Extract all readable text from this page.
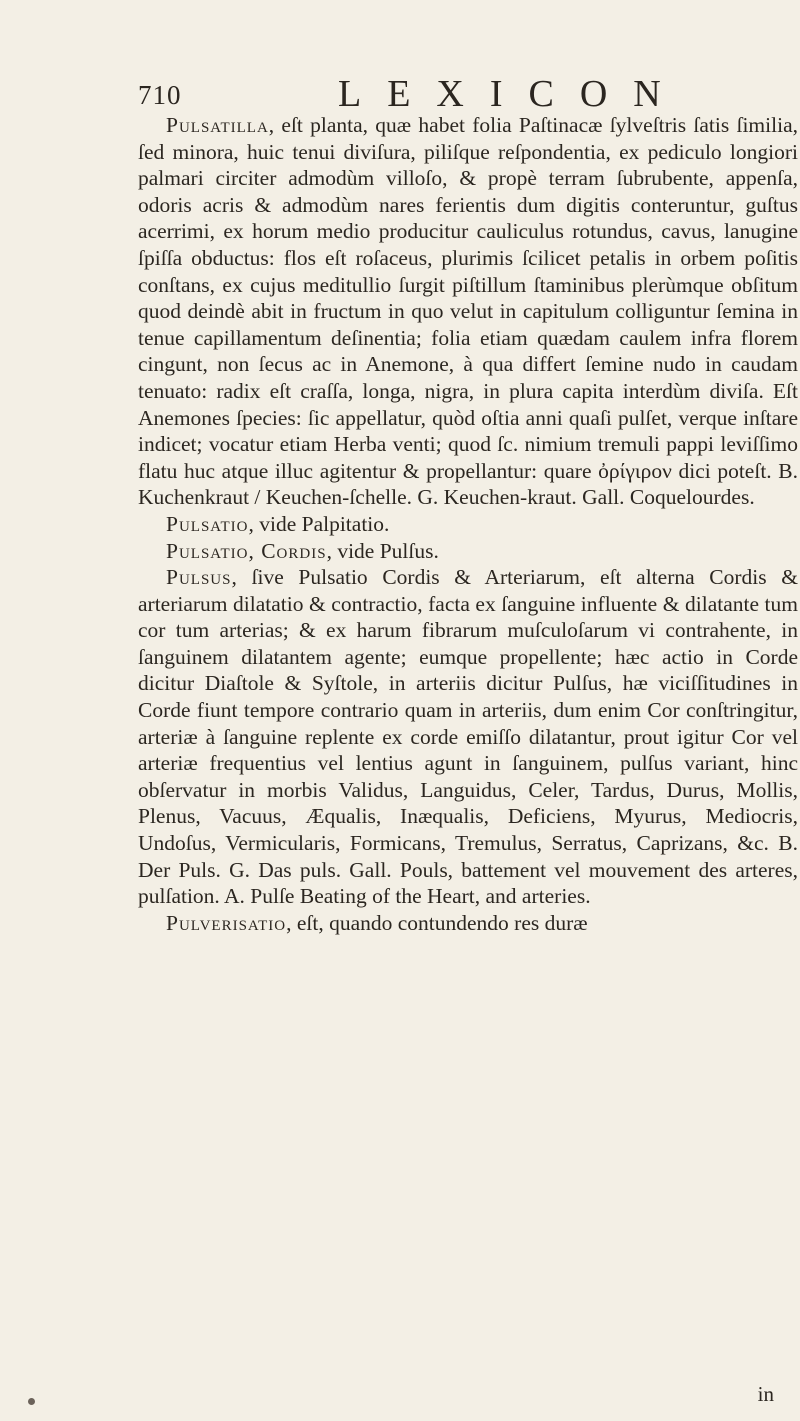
710	LEXICON

Pulsatilla, eſt planta, quæ habet folia Paſtinacæ ſylveſtris ſatis ſimilia, ſed minora, huic tenui diviſura, piliſque reſpondentia, ex pediculo longiori palmari circiter admodùm villoſo, & propè terram ſubrubente, appenſa, odoris acris & admodùm nares ferientis dum digitis conteruntur, guſtus acerrimi, ex horum medio producitur cauliculus rotundus, cavus, lanugine ſpiſſa obductus: flos eſt roſaceus, plurimis ſcilicet petalis in orbem poſitis conſtans, ex cujus meditullio ſurgit piſtillum ſtaminibus plerùmque obſitum quod deindè abit in fructum in quo velut in capitulum colliguntur ſemina in tenue capillamentum deſinentia; folia etiam quædam caulem infra florem cingunt, non ſecus ac in Anemone, à qua differt ſemine nudo in caudam tenuato: radix eſt craſſa, longa, nigra, in plura capita interdùm diviſa. Eſt Anemones ſpecies: ſic appellatur, quòd oſtia anni quaſi pulſet, verque inſtare indicet; vocatur etiam Herba venti; quod ſc. nimium tremuli pappi leviſſimo flatu huc atque illuc agitentur & propellantur: quare ὀρίγιρον dici poteſt. B. Kuchenkraut / Keuchen-ſchelle. G. Keuchen-kraut. Gall. Coquelourdes.

Pulsatio, vide Palpitatio.

Pulsatio, Cordis, vide Pulſus.

Pulsus, ſive Pulsatio Cordis & Arteriarum, eſt alterna Cordis & arteriarum dilatatio & contractio, facta ex ſanguine influente & dilatante tum cor tum arterias; & ex harum fibrarum muſculoſarum vi contrahente, in ſanguinem dilatantem agente; eumque propellente; hæc actio in Corde dicitur Diaſtole & Syſtole, in arteriis dicitur Pulſus, hæ viciſſitudines in Corde fiunt tempore contrario quam in arteriis, dum enim Cor conſtringitur, arteriæ à ſanguine replente ex corde emiſſo dilatantur, prout igitur Cor vel arteriæ frequentius vel lentius agunt in ſanguinem, pulſus variant, hinc obſervatur in morbis Validus, Languidus, Celer, Tardus, Durus, Mollis, Plenus, Vacuus, Æqualis, Inæqualis, Deficiens, Myurus, Mediocris, Undoſus, Vermicularis, Formicans, Tremulus, Serratus, Caprizans, &c. B. Der Puls. G. Das puls. Gall. Pouls, battement vel mouvement des arteres, pulſation. A. Pulſe Beating of the Heart, and arteries.

Pulverisatio, eſt, quando contundendo res duræ

in
